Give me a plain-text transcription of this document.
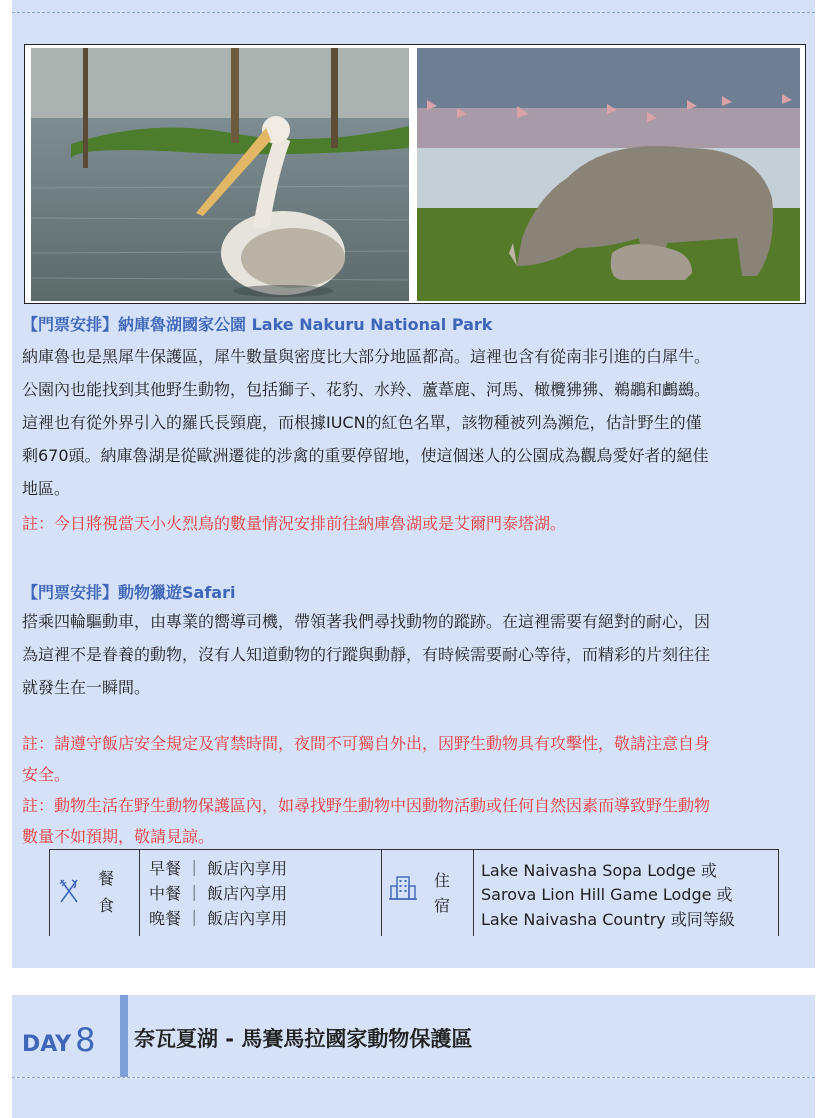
【門票安排】納庫魯湖國家公園 Lake Nakuru National Park
納庫魯也是黑犀牛保護區，犀牛數量與密度比大部分地區都高。這裡也含有從南非引進的白犀牛。
公園內也能找到其他野生動物，包括獅子、花豹、水羚、蘆葦鹿、河馬、橄欖狒狒、鵜鶘和鸕鷀。
這裡也有從外界引入的羅氏長頸鹿，而根據IUCN的紅色名單，該物種被列為瀕危，估計野生的僅
剩670頭。納庫魯湖是從歐洲遷徙的涉禽的重要停留地，使這個迷人的公園成為觀鳥愛好者的絕佳
地區。
註：今日將視當天小火烈鳥的數量情況安排前往納庫魯湖或是艾爾門泰塔湖。
【門票安排】動物獵遊Safari
搭乘四輪驅動車，由專業的嚮導司機，帶領著我們尋找動物的蹤跡。在這裡需要有絕對的耐心，因
為這裡不是眷養的動物，沒有人知道動物的行蹤與動靜，有時候需要耐心等待，而精彩的片刻往往
就發生在一瞬間。
註：請遵守飯店安全規定及宵禁時間，夜間不可獨自外出，因野生動物具有攻擊性，敬請注意自身
安全。
註：動物生活在野生動物保護區內，如尋找野生動物中因動物活動或任何自然因素而導致野生動物
數量不如預期，敬請見諒。
餐
食
早餐 ｜ 飯店內享用
中餐 ｜ 飯店內享用
晚餐 ｜ 飯店內享用
住
宿
Lake Naivasha Sopa Lodge 或
Sarova Lion Hill Game Lodge 或
Lake Naivasha Country 或同等級
DAY 8 奈瓦夏湖 - 馬賽馬拉國家動物保護區
